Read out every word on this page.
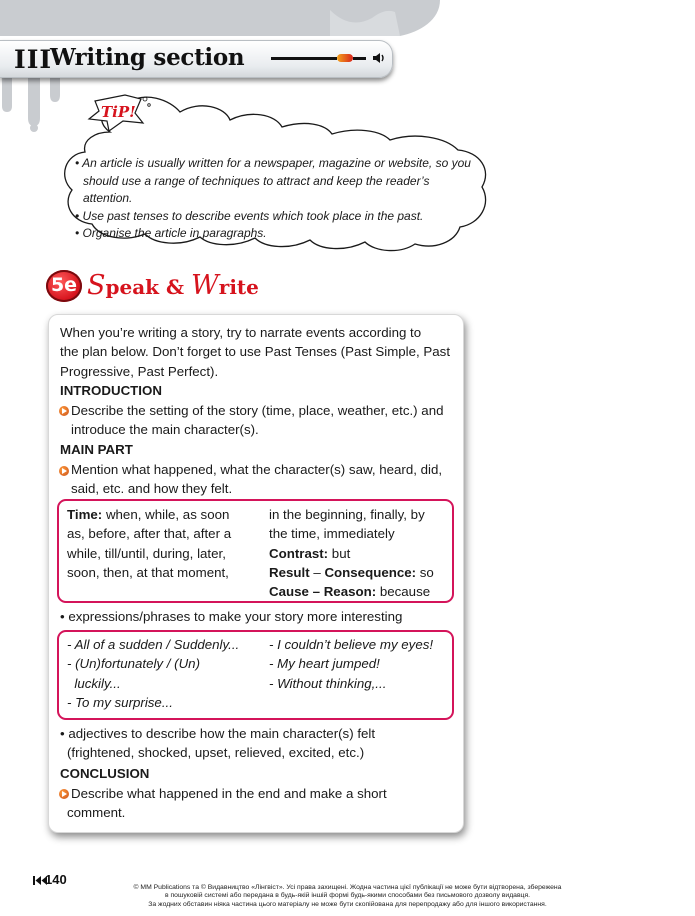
III
Writing section
TiP!
• An article is usually written for a newspaper, magazine or website, so you should use a range of techniques to attract and keep the reader’s attention.
• Use past tenses to describe events which took place in the past.
• Organise the article in paragraphs.
5e Speak & Write
When you’re writing a story, try to narrate events according to
the plan below. Don’t forget to use Past Tenses (Past Simple, Past
Progressive, Past Perfect).
INTRODUCTION
Describe the setting of the story (time, place, weather, etc.) and
introduce the main character(s).
MAIN PART
Mention what happened, what the character(s) saw, heard, did,
said, etc. and how they felt.
Time: when, while, as soon
as, before, after that, after a
while, till/until, during, later,
soon, then, at that moment,
in the beginning, finally, by
the time, immediately
Contrast: but
Result – Consequence: so
Cause – Reason: because
• expressions/phrases to make your story more interesting
- All of a sudden / Suddenly...
- (Un)fortunately / (Un)
luckily...
- To my surprise...
- I couldn’t believe my eyes!
- My heart jumped!
- Without thinking,...
• adjectives to describe how the main character(s) felt
(frightened, shocked, upset, relieved, excited, etc.)
CONCLUSION
Describe what happened in the end and make a short
comment.
140
© MM Publications та © Видавництво «Лінгвіст». Усі права захищені. Жодна частина цієї публікації не може бути відтворена, збережена
в пошуковій системі або передана в будь-якій іншій формі будь-якими способами без письмового дозволу видавця.
За жодних обставин ніяка частина цього матеріалу не може бути скопійована для перепродажу або для іншого використання.
